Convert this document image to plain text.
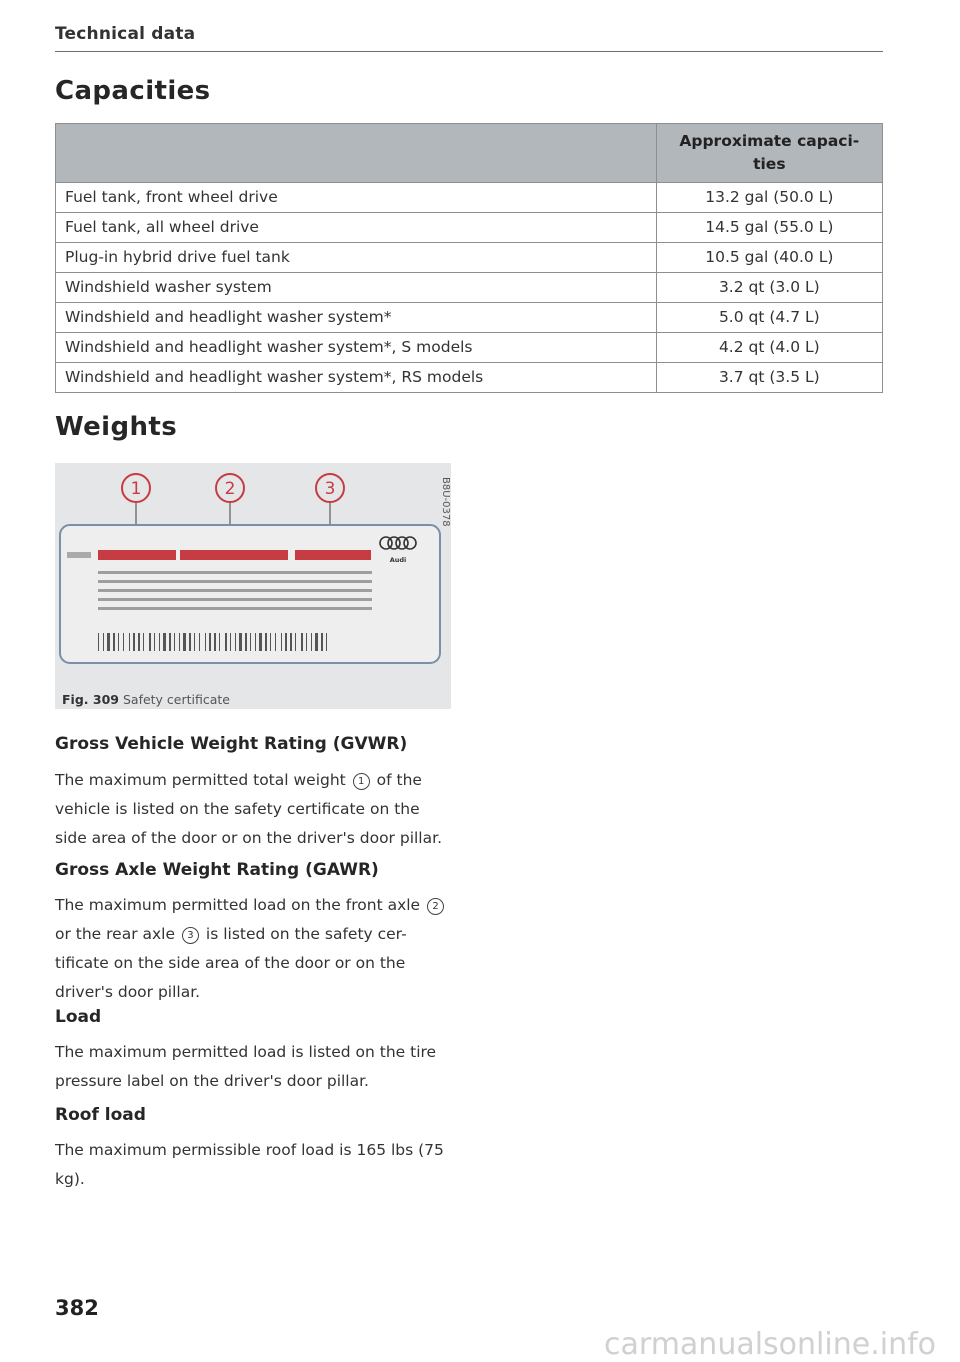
Technical data
Capacities
	Approximate capaci-
ties
Fuel tank, front wheel drive	13.2 gal (50.0 L)
Fuel tank, all wheel drive	14.5 gal (55.0 L)
Plug-in hybrid drive fuel tank	10.5 gal (40.0 L)
Windshield washer system	3.2 qt (3.0 L)
Windshield and headlight washer system*	5.0 qt (4.7 L)
Windshield and headlight washer system*, S models	4.2 qt (4.0 L)
Windshield and headlight washer system*, RS models	3.7 qt (3.5 L)
Weights
B8U-0378
1	2	3
Audi
Fig. 309 Safety certificate
Gross Vehicle Weight Rating (GVWR)
The maximum permitted total weight 1 of the vehicle is listed on the safety certificate on the side area of the door or on the driver's door pillar.
Gross Axle Weight Rating (GAWR)
The maximum permitted load on the front axle 2 or the rear axle 3 is listed on the safety cer-tificate on the side area of the door or on the driver's door pillar.
Load
The maximum permitted load is listed on the tire pressure label on the driver's door pillar.
Roof load
The maximum permissible roof load is 165 lbs (75 kg).
382
carmanualsonline.info
